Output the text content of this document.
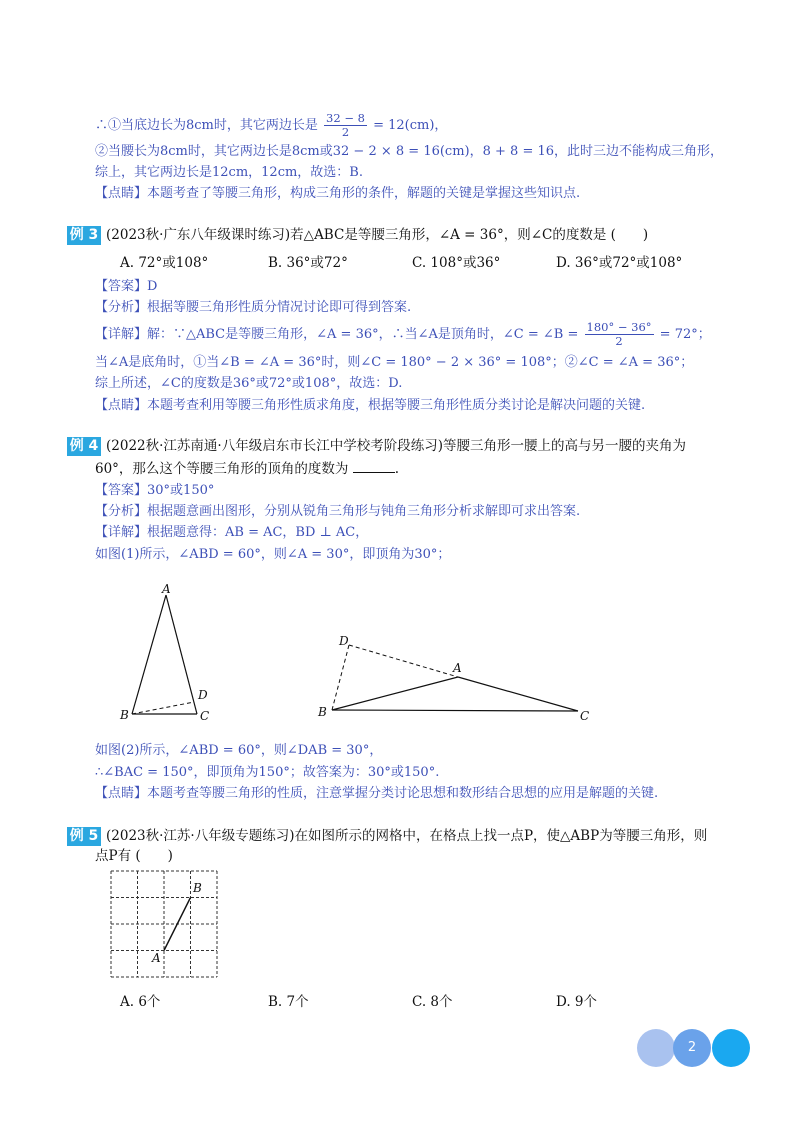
∴①当底边长为8cm时，其它两边长是 $\frac{32 - 8}{2} = 12(cm)$，
②当腰长为8cm时，其它两边长是8cm或32 − 2 × 8 = 16(cm)，8 + 8 = 16，此时三边不能构成三角形，
综上，其它两边长是12cm，12cm，故选：B.
【点睛】本题考查了等腰三角形，构成三角形的条件，解题的关键是掌握这些知识点.
例 3 (2023秋·广东八年级课时练习)若△ABC是等腰三角形，∠A = 36°，则∠C的度数是 (　　)
A. 72°或108°	B. 36°或72°	C. 108°或36°	D. 36°或72°或108°
【答案】D
【分析】根据等腰三角形性质分情况讨论即可得到答案.
【详解】解：∵△ABC是等腰三角形，∠A = 36°，∴当∠A是顶角时，∠C = ∠B = $\frac{180^\circ - 36^\circ}{2} = 72^\circ$；
当∠A是底角时，①当∠B = ∠A = 36°时，则∠C = 180° − 2 × 36° = 108°；②∠C = ∠A = 36°；
综上所述，∠C的度数是36°或72°或108°，故选：D.
【点睛】本题考查利用等腰三角形性质求角度，根据等腰三角形性质分类讨论是解决问题的关键.
例 4 (2022秋·江苏南通·八年级启东市长江中学校考阶段练习)等腰三角形一腰上的高与另一腰的夹角为
60°，那么这个等腰三角形的顶角的度数为	.
【答案】30°或150°
【分析】根据题意画出图形，分别从锐角三角形与钝角三角形分析求解即可求出答案.
【详解】根据题意得：AB = AC，BD ⊥ AC，
如图(1)所示，∠ABD = 60°，则∠A = 30°，即顶角为30°；
A
B	C
D
D
A
B	C
如图(2)所示，∠ABD = 60°，则∠DAB = 30°，
∴∠BAC = 150°，即顶角为150°；故答案为：30°或150°.
【点睛】本题考查等腰三角形的性质，注意掌握分类讨论思想和数形结合思想的应用是解题的关键.
例 5 (2023秋·江苏·八年级专题练习)在如图所示的网格中，在格点上找一点P，使△ABP为等腰三角形，则
点P有 (　　)
A
B
A. 6个	B. 7个	C. 8个	D. 9个
2
